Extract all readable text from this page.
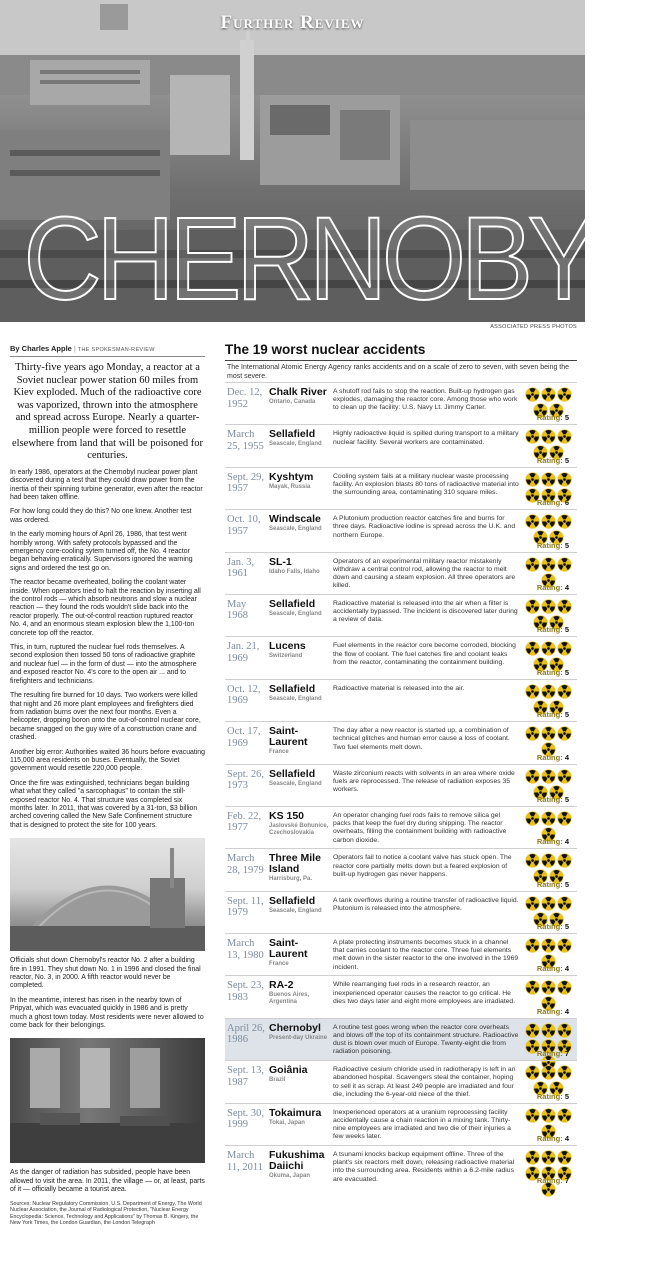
Further Review
CHERNOBYL
ASSOCIATED PRESS PHOTOS
By Charles Apple | THE SPOKESMAN-REVIEW
Thirty-five years ago Monday, a reactor at a Soviet nuclear power station 60 miles from Kiev exploded. Much of the radioactive core was vaporized, thrown into the atmosphere and spread across Europe. Nearly a quarter-million people were forced to resettle elsewhere from land that will be poisoned for centuries.

In early 1986, operators at the Chernobyl nuclear power plant discovered during a test that they could draw power from the inertia of their spinning turbine generator, even after the reactor had been taken offline.

For how long could they do this? No one knew. Another test was ordered.

In the early morning hours of April 26, 1986, that test went horribly wrong. With safety protocols bypassed and the emergency core-cooling sytem turned off, the No. 4 reactor began behaving erratically. Supervisors ignored the warning signs and ordered the test go on.

The reactor became overheated, boiling the coolant water inside. When operators tried to halt the reaction by inserting all the control rods — which absorb neutrons and slow a nuclear reaction — they found the rods wouldn't slide back into the reactor properly. The out-of-control reaction ruptured reactor No. 4, and an enormous steam explosion blew the 1,100-ton concrete top off the reactor.

This, in turn, ruptured the nuclear fuel rods themselves. A second explosion then tossed 50 tons of radioactive graphite and nuclear fuel — in the form of dust — into the atmosphere and exposed reactor No. 4's core to the open air ... and to firefighters and technicians.

The resulting fire burned for 10 days. Two workers were killed that night and 26 more plant employees and firefighters died from radiation burns over the next four months. Even a helicopter, dropping boron onto the out-of-control nuclear core, became snagged on the guy wire of a construction crane and crashed.

Another big error: Authorities waited 36 hours before evacuating 115,000 area residents on buses. Eventually, the Soviet government would resettle 220,000 people.

Once the fire was extinguished, technicians began building what what they called "a sarcophagus" to contain the still-exposed reactor No. 4. That structure was completed six months later. In 2011, that was covered by a 31-ton, $3 billion arched covering called the New Safe Confinement structure that is designed to protect the site for 100 years.

Officials shut down Chernobyl's reactor No. 2 after a building fire in 1991. They shut down No. 1 in 1996 and closed the final reactor, No. 3, in 2000. A fifth reactor would never be completed.

In the meantime, interest has risen in the nearby town of Pripyat, which was evacuated quickly in 1986 and is pretty much a ghost town today. Most residents were never allowed to come back for their belongings.

As the danger of radiation has subsided, people have been allowed to visit the area. In 2011, the village — or, at least, parts of it — officially became a tourist area.

Sources: Nuclear Regulatory Commission, U.S. Department of Energy, The World Nuclear Association, the Journal of Radiological Protection, "Nuclear Energy Encyclopedia: Science, Technology and Applications" by Thomas B. Kingery, the New York Times, the London Guardian, the London Telegraph
The 19 worst nuclear accidents
The International Atomic Energy Agency ranks accidents and on a scale of zero to seven, with seven being the most severe.
Dec. 12, 1952
Chalk River
Ontario, Canada
A shutoff rod fails to stop the reaction. Built-up hydrogen gas explodes, damaging the reactor core. Among those who work to clean up the facility: U.S. Navy Lt. Jimmy Carter.
Rating: 5
March 25, 1955
Sellafield
Seascale, England
Highly radioactive liquid is spilled during transport to a military nuclear facility. Several workers are contaminated.
Rating: 5
Sept. 29, 1957
Kyshtym
Mayak, Russia
Cooling system fails at a military nuclear waste processing facility. An explosion blasts 80 tons of radioactive material into the surrounding area, contaminating 310 square miles.
Rating: 6
Oct. 10, 1957
Windscale
Seascale, England
A Plutonium production reactor catches fire and burns for three days. Radioactive iodine is spread across the U.K. and northern Europe.
Rating: 5
Jan. 3, 1961
SL-1
Idaho Falls, Idaho
Operators of an experimental military reactor mistakenly withdraw a central control rod, allowing the reactor to melt down and causing a steam explosion. All three operators are killed.	Rating: 4
May 1968
Sellafield
Seascale, England
Radioactive material is released into the air when a filter is accidentally bypassed. The incident is discovered later during a review of data.
Rating: 5
Jan. 21, 1969
Lucens
Switzerland
Fuel elements in the reactor core become corroded, blocking the flow of coolant. The fuel catches fire and coolant leaks from the reactor, contaminating the containment building.
Rating: 5
Oct. 12, 1969
Sellafield
Seascale, England
Radioactive material is released into the air.
Rating: 5
Oct. 17, 1969
Saint-Laurent
France
The day after a new reactor is started up, a combination of technical glitches and human error cause a loss of coolant. Two fuel elements melt down.
Rating: 4
Sept. 26, 1973
Sellafield
Seascale, England
Waste zirconium reacts with solvents in an area where oxide fuels are reprocessed. The release of radiation exposes 35 workers.
Rating: 5
Feb. 22, 1977
KS 150
Jaslovské Bohunice, Czechoslovakia
An operator changing fuel rods fails to remove silica gel packs that keep the fuel dry during shipping. The reactor overheats, filling the containment building with radioactive carbon dioxide.	Rating: 4
March 28, 1979
Three Mile Island
Harrisburg, Pa.
Operators fail to notice a coolant valve has stuck open. The reactor core partially melts down but a feared explosion of built-up hydrogen gas never happens.
Rating: 5
Sept. 11, 1979
Sellafield
Seascale, England
A tank overflows during a routine transfer of radioactive liquid. Plutonium is released into the atmosphere.
Rating: 5
March 13, 1980
Saint-Laurent
France
A plate protecting instruments becomes stuck in a channel that carries coolant to the reactor core. Three fuel elements melt down in the sister reactor to the one involved in the 1969 incident.	Rating: 4
Sept. 23, 1983
RA-2
Buenos Aires, Argentina
While rearranging fuel rods in a research reactor, an inexperienced operator causes the reactor to go critical. He dies two days later and eight more employees are irradiated.
Rating: 4
April 26, 1986
Chernobyl
Present-day Ukraine
A routine test goes wrong when the reactor core overheats and blows off the top of its containment structure. Radioactive dust is blown over much of Europe. Twenty-eight die from radiation poisoning.	Rating: 7
Sept. 13, 1987
Goiânia
Brazil
Radioactive cesium chloride used in radiotherapy is left in an abandoned hospital. Scavengers steal the container, hoping to sell it as scrap. At least 249 people are irradiated and four die, including the 6-year-old niece of the thief.	Rating: 5
Sept. 30, 1999
Tokaimura
Tokai, Japan
Inexperienced operators at a uranium reprocessing facility accidentally cause a chain reaction in a mixing tank. Thirty-nine employees are irradiated and two die of their injuries a few weeks later.	Rating: 4
March 11, 2011
Fukushima Daiichi
Okuma, Japan
A tsunami knocks backup equipment offline. Three of the plant's six reactors melt down, releasing radioactive material into the surrounding area. Residents within a 6.2-mile radius are evacuated.	Rating: 7
